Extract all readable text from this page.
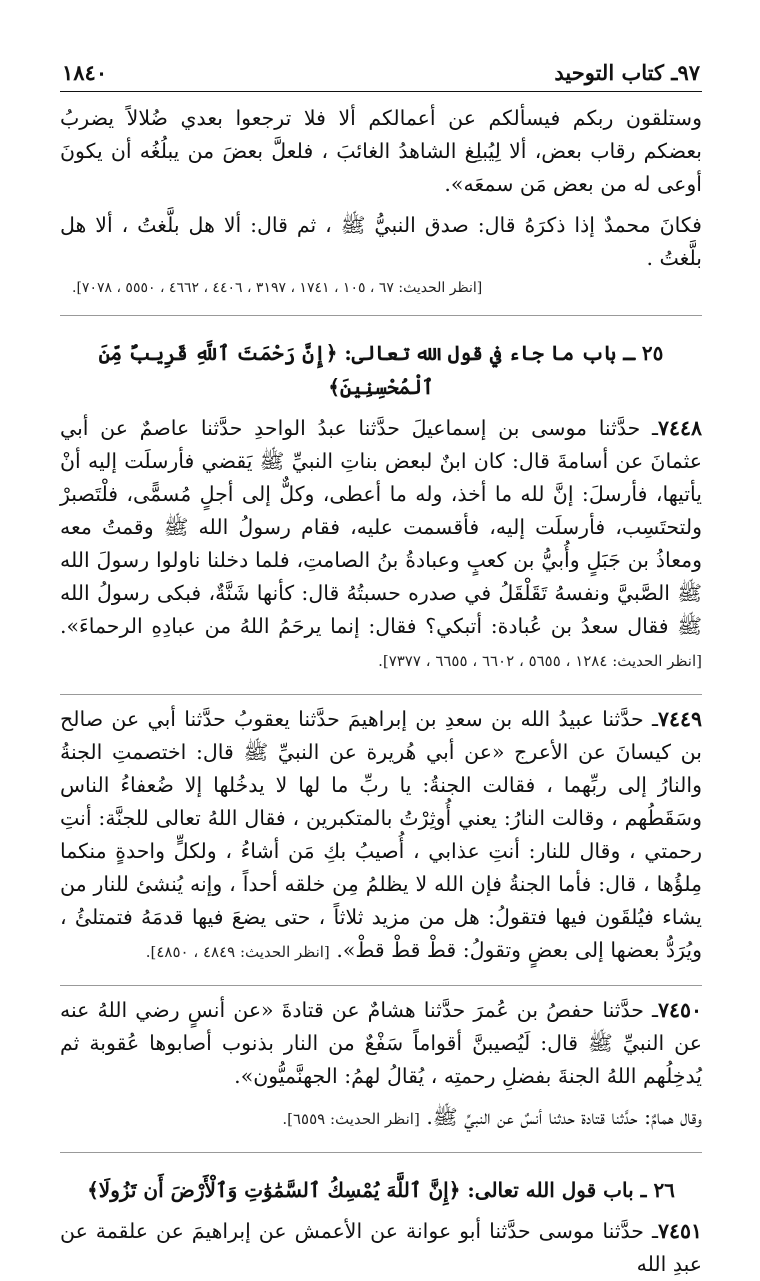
٩٧ـ كتاب التوحيد
١٨٤٠

وستلقون ربكم فيسألكم عن أعمالكم ألا فلا ترجعوا بعدي ضُلالاً يضربُ بعضكم رقاب بعض، ألا لِيُبلِغ الشاهدُ الغائبَ ، فلعلَّ بعضَ من يبلُغُه أن يكونَ أوعى له من بعض مَن سمعَه».

فكانَ محمدٌ إذا ذكرَهُ قال: صدق النبيُّ ﷺ ، ثم قال: ألا هل بلَّغتُ ، ألا هل بلَّغتُ .

[انظر الحديث: ٦٧ ، ١٠٥ ، ١٧٤١ ، ٣١٩٧ ، ٤٤٠٦ ، ٤٦٦٢ ، ٥٥٥٠ ، ٧٠٧٨].

٢٥ ـ باب ما جاء في قول الله تعالى: ﴿إِنَّ رَحْمَتَ ٱللَّهِ قَرِيبٌ مِّنَ ٱلْمُحْسِنِينَ﴾

٧٤٤٨ـ حدَّثنا موسى بن إسماعيلَ حدَّثنا عبدُ الواحدِ حدَّثنا عاصمٌ عن أبي عثمانَ عن أسامةَ قال: كان ابنٌ لبعض بناتِ النبيِّ ﷺ يَقضي فأرسلَت إليه أنْ يأتيها، فأرسلَ: إنَّ لله ما أخذ، وله ما أعطى، وكلٌّ إلى أجلٍ مُسمًّى، فلْتَصبرْ ولتحتَسِب، فأرسلَت إليه، فأقسمت عليه، فقام رسولُ الله ﷺ وقمتُ معه ومعاذُ بن جَبَلٍ وأُبيُّ بن كعبٍ وعبادةُ بنُ الصامتِ، فلما دخلنا ناولوا رسولَ الله ﷺ الصَّبيَّ ونفسهُ تَقَلْقَلُ في صدره حسبتُهُ قال: كأنها شَنَّةٌ، فبكى رسولُ الله ﷺ فقال سعدُ بن عُبادة: أتبكي؟ فقال: إنما يرحَمُ اللهُ من عبادِهِ الرحماءَ». [انظر الحديث: ١٢٨٤ ، ٥٦٥٥ ، ٦٦٠٢ ، ٦٦٥٥ ، ٧٣٧٧].

٧٤٤٩ـ حدَّثنا عبيدُ الله بن سعدِ بن إبراهيمَ حدَّثنا يعقوبُ حدَّثنا أبي عن صالح بن كيسانَ عن الأعرج «عن أبي هُريرة عن النبيِّ ﷺ قال: اختصمتِ الجنةُ والنارُ إلى ربِّهما ، فقالت الجنةُ: يا ربِّ ما لها لا يدخُلها إلا ضُعفاءُ الناس وسَقَطُهم ، وقالت النارُ: يعني أُوثِرْتُ بالمتكبرين ، فقال اللهُ تعالى للجنَّة: أنتِ رحمتي ، وقال للنار: أنتِ عذابي ، أُصيبُ بكِ مَن أشاءُ ، ولكلٍّ واحدةٍ منكما مِلؤُها ، قال: فأما الجنةُ فإن الله لا يظلمُ مِن خلقه أحداً ، وإنه يُنشئ للنار من يشاء فيُلقَون فيها فتقولُ: هل من مزيد ثلاثاً ، حتى يضعَ فيها قدمَهُ فتمتلئُ ، ويُرَدُّ بعضها إلى بعضٍ وتقولُ: قطْ قطْ قطْ». [انظر الحديث: ٤٨٤٩ ، ٤٨٥٠].

٧٤٥٠ـ حدَّثنا حفصُ بن عُمرَ حدَّثنا هشامٌ عن قتادةَ «عن أنسٍ رضي اللهُ عنه عن النبيِّ ﷺ قال: لَيُصيبنَّ أقواماً سَفْعٌ من النار بذنوب أصابوها عُقوبة ثم يُدخِلُهم اللهُ الجنةَ بفضلِ رحمتِه ، يُقالُ لهمُ: الجهنَّميُّون».

وقال همامٌ: حدَّثنا قتادة حدثنا أنسٌ عن النبيِّ ﷺ. [انظر الحديث: ٦٥٥٩].

٢٦ ـ باب قول الله تعالى: ﴿إِنَّ ٱللَّهَ يُمْسِكُ ٱلسَّمَٰوَٰتِ وَٱلْأَرْضَ أَن تَزُولَا﴾

٧٤٥١ـ حدَّثنا موسى حدَّثنا أبو عوانة عن الأعمش عن إبراهيمَ عن علقمة عن عبدِ الله
